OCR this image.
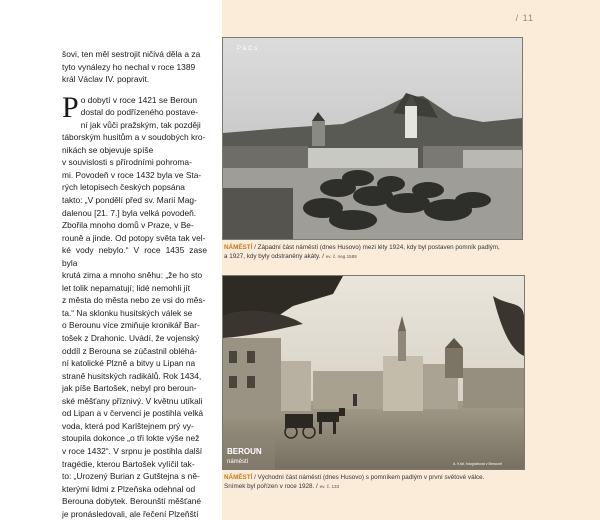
šovi, ten měl sestrojit ničivá děla a za

tyto vynálezy ho nechal v roce 1389

král Václav IV. popravit.

P o dobytí v roce 1421 se Beroun

dostal do podřízeného postave-

ní jak vůči pražským, tak později

táborským husitům a v soudobých kro-

nikách se objevuje spíše

v souvislosti s přírodními pohroma-

mi. Povodeň v roce 1432 byla ve Sta-

rých letopisech českých popsána

takto: „V pondělí před sv. Marií Mag-

dalenou [21. 7.] byla velká povodeň.

Zbořila mnoho domů v Praze, v Be-

rouně a jinde. Od potopy světa tak vel-

ké vody nebylo.“ V roce 1435 zase byla

krutá zima a mnoho sněhu: „že ho sto

let tolik nepamatují; lidé nemohli jít

z města do města nebo ze vsi do měs-

ta.“ Na sklonku husitských válek se

o Berounu více zmiňuje kronikář Bar-

tošek z Drahonic. Uvádí, že vojenský

oddíl z Berouna se zúčastnil obléhá-

ní katolické Plzně a bitvy u Lipan na

straně husitských radikálů. Rok 1434,

jak píše Bartošek, nebyl pro beroun-

ské měšťany příznivý. V květnu utíkali

od Lipan a v červenci je postihla velká

voda, která pod Karlštejnem prý vy-

stoupila dokonce „o tři lokte výše než

v roce 1432“. V srpnu je postihla další

tragédie, kterou Bartošek vylíčil tak-

to: „Urozený Burian z Gutštejna s ně-

kterými lidmi z Plzeňska odehnal od

Berouna dobytek. Berounští měšťané

je pronásledovali, ale řečení Plzeňští

/ 11
P & C s
NÁMĚSTÍ / Západní část náměstí (dnes Husovo) mezi léty 1924, kdy byl postaven pomník padlým,
a 1927, kdy byly odstraněny akáty. / ev. č. neg.1589
BEROUN
náměstí	A. Král, fotografovat v Berouně
NÁMĚSTÍ / Východní část náměstí (dnes Husovo) s pomníkem padlým v první světové válce.
Snímek byl pořízen v roce 1928. / ev. č. 133
